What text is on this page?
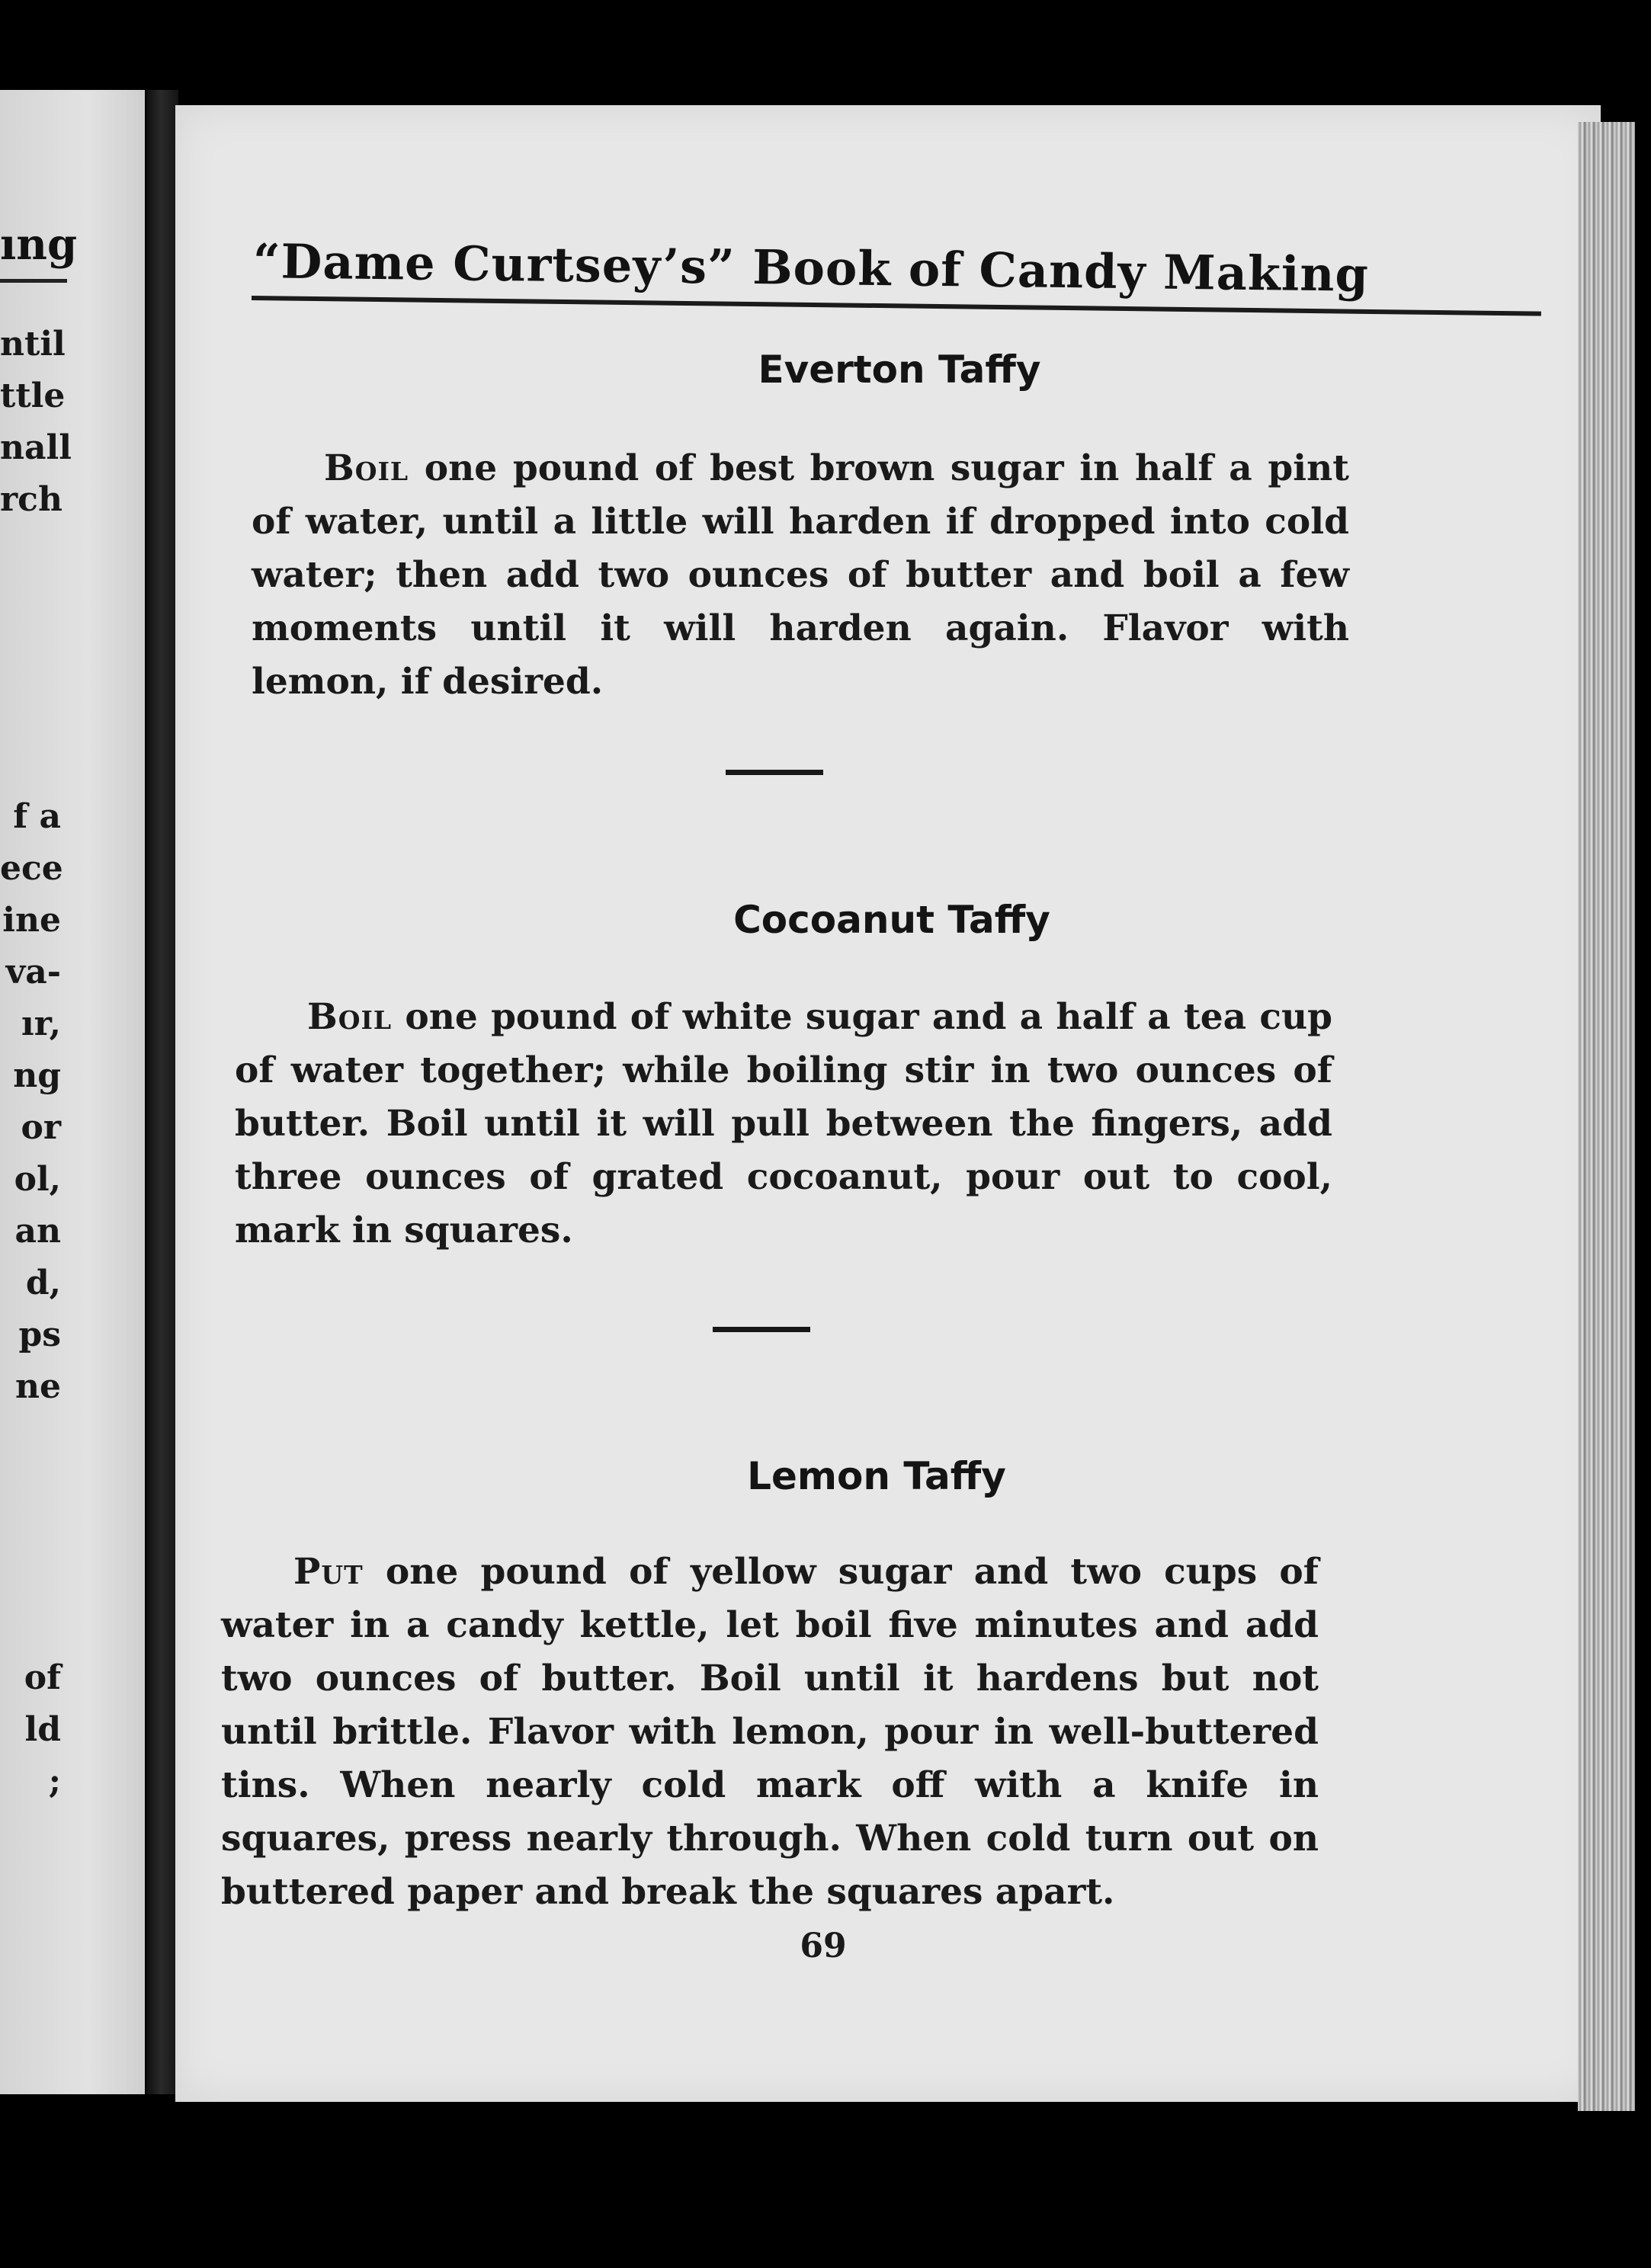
ıng
ntil
ttle
nall
rch
f a
ece
ine
va-
ır,
ng
or
ol,
an
d,
ps
ne
of
ld
;
“Dame Curtsey’s” Book of Candy Making
Everton Taffy
Boil one pound of best brown sugar in half a pint of water, until a little will harden if dropped into cold water; then add two ounces of butter and boil a few moments until it will harden again. Flavor with lemon, if desired.
Cocoanut Taffy
Boil one pound of white sugar and a half a tea cup of water together; while boiling stir in two ounces of butter. Boil until it will pull between the fingers, add three ounces of grated cocoanut, pour out to cool, mark in squares.
Lemon Taffy
Put one pound of yellow sugar and two cups of water in a candy kettle, let boil five minutes and add two ounces of butter. Boil until it hardens but not until brittle. Flavor with lemon, pour in well-buttered tins. When nearly cold mark off with a knife in squares, press nearly through. When cold turn out on buttered paper and break the squares apart.
69
